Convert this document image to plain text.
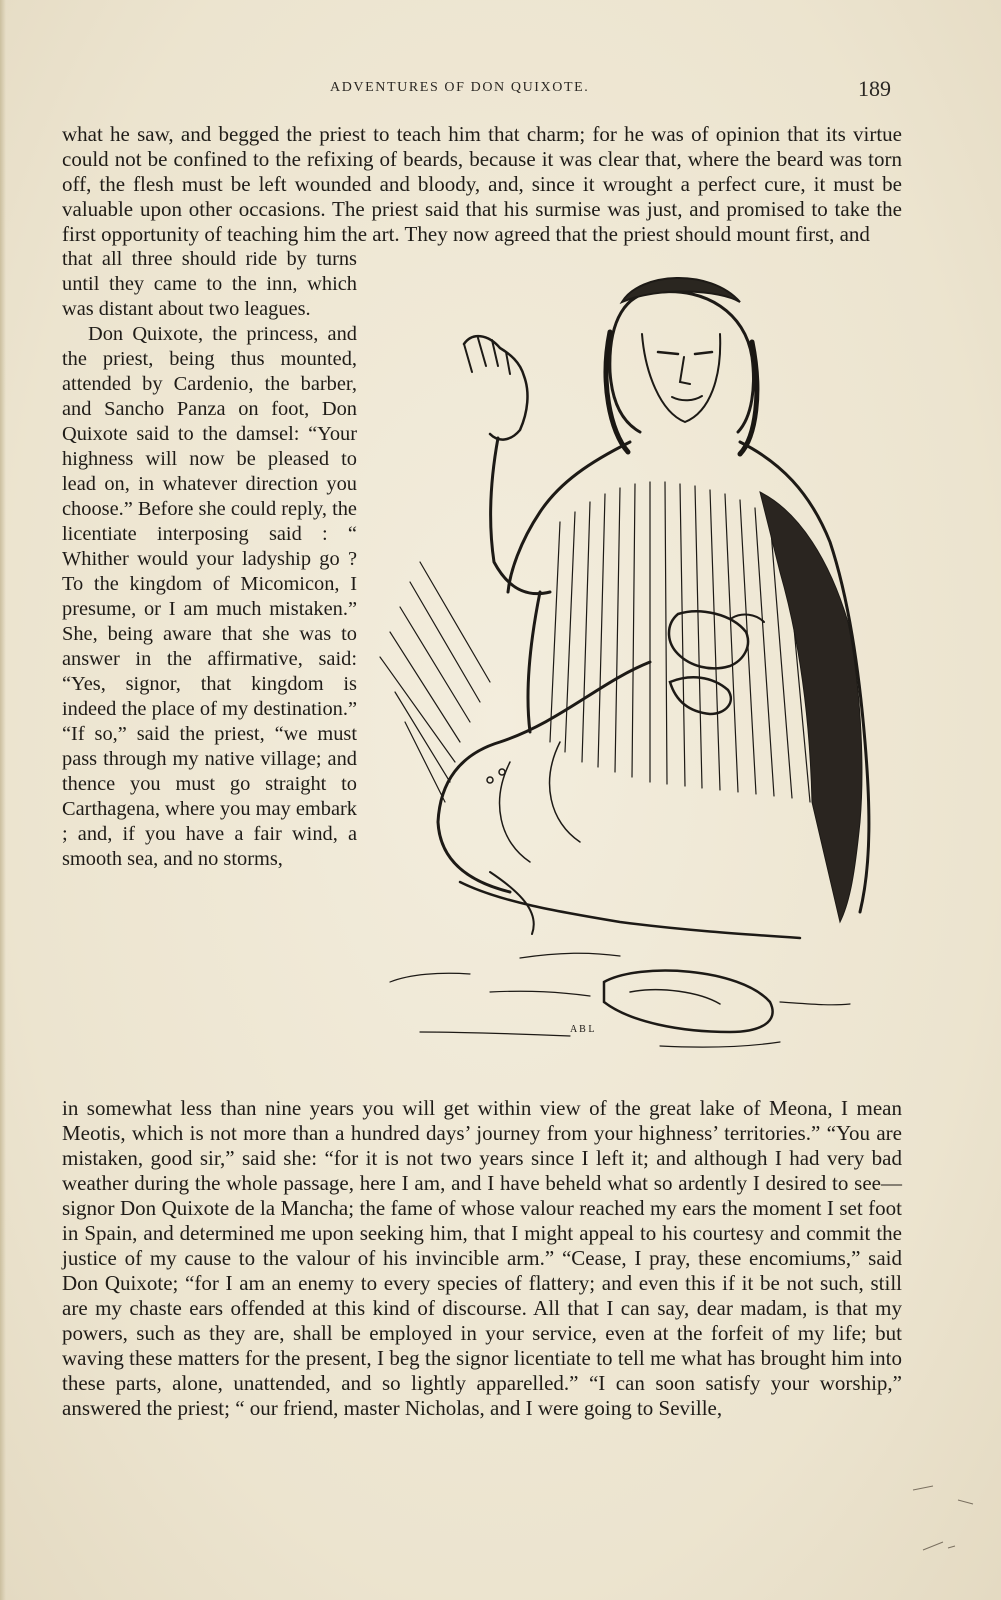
ADVENTURES OF DON QUIXOTE.	189

what he saw, and begged the priest to teach him that charm; for he was of opinion that its virtue could not be confined to the refixing of beards, because it was clear that, where the beard was torn off, the flesh must be left wounded and bloody, and, since it wrought a perfect cure, it must be valuable upon other occasions. The priest said that his surmise was just, and promised to take the first opportunity of teaching him the art. They now agreed that the priest should mount first, and

that all three should ride by turns until they came to the inn, which was distant about two leagues.

Don Quixote, the princess, and the priest, being thus mounted, attended by Cardenio, the barber, and Sancho Panza on foot, Don Quixote said to the damsel: “Your highness will now be pleased to lead on, in whatever direction you choose.” Before she could reply, the licentiate interposing said : “ Whither would your ladyship go ? To the kingdom of Micomicon, I presume, or I am much mistaken.” She, being aware that she was to answer in the affirmative, said: “Yes, signor, that kingdom is indeed the place of my destination.” “If so,” said the priest, “we must pass through my native village; and thence you must go straight to Carthagena, where you may embark ; and, if you have a fair wind, a smooth sea, and no storms,

A B L

in somewhat less than nine years you will get within view of the great lake of Meona, I mean Meotis, which is not more than a hundred days’ journey from your highness’ territories.” “You are mistaken, good sir,” said she: “for it is not two years since I left it; and although I had very bad weather during the whole passage, here I am, and I have beheld what so ardently I desired to see—signor Don Quixote de la Mancha; the fame of whose valour reached my ears the moment I set foot in Spain, and determined me upon seeking him, that I might appeal to his courtesy and commit the justice of my cause to the valour of his invincible arm.” “Cease, I pray, these encomiums,” said Don Quixote; “for I am an enemy to every species of flattery; and even this if it be not such, still are my chaste ears offended at this kind of discourse. All that I can say, dear madam, is that my powers, such as they are, shall be employed in your service, even at the forfeit of my life; but waving these matters for the present, I beg the signor licentiate to tell me what has brought him into these parts, alone, unattended, and so lightly apparelled.” “I can soon satisfy your worship,” answered the priest; “ our friend, master Nicholas, and I were going to Seville,
